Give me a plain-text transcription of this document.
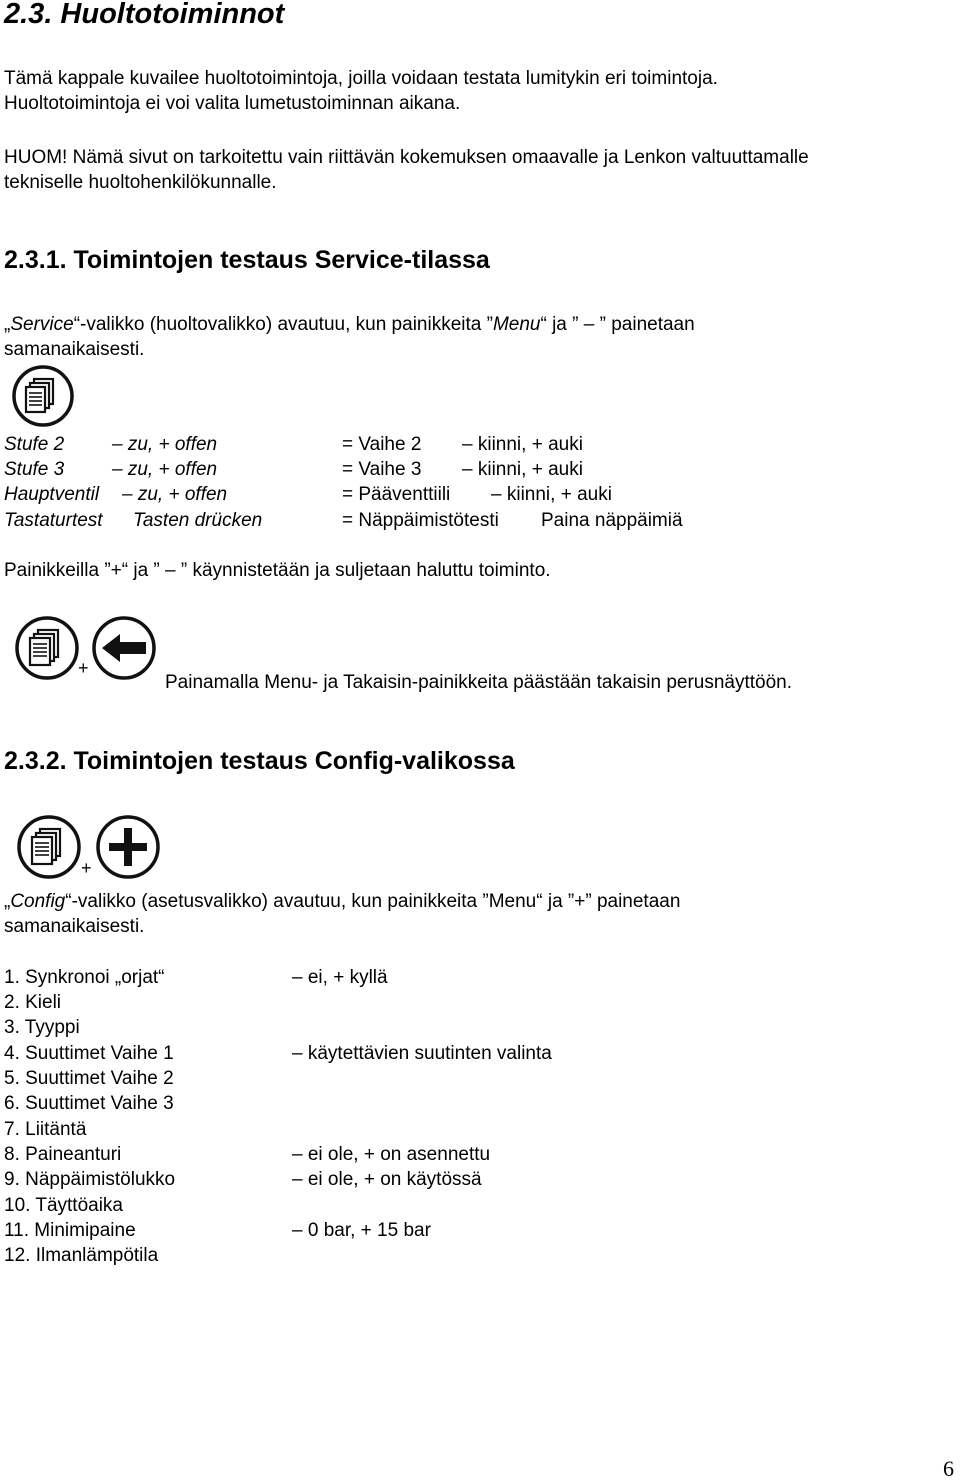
2.3. Huoltotoiminnot
Tämä kappale kuvailee huoltotoimintoja, joilla voidaan testata lumitykin eri toimintoja.
Huoltotoimintoja ei voi valita lumetustoiminnan aikana.
HUOM! Nämä sivut on tarkoitettu vain riittävän kokemuksen omaavalle ja Lenkon valtuuttamalle
tekniselle huoltohenkilökunnalle.
2.3.1. Toimintojen testaus Service-tilassa
„Service“-valikko (huoltovalikko) avautuu, kun painikkeita ”Menu“ ja ” – ” painetaan
samanaikaisesti.
Stufe 2	– zu, + offen	= Vaihe 2 – kiinni, + auki
Stufe 3	– zu, + offen	= Vaihe 3 – kiinni, + auki
Hauptventil – zu, + offen	= Pääventtiili – kiinni, + auki
Tastaturtest Tasten drücken	= Näppäimistötesti Paina näppäimiä
Painikkeilla ”+“ ja ” – ” käynnistetään ja suljetaan haluttu toiminto.
+
Painamalla Menu- ja Takaisin-painikkeita päästään takaisin perusnäyttöön.
2.3.2. Toimintojen testaus Config-valikossa
+
„Config“-valikko (asetusvalikko) avautuu, kun painikkeita ”Menu“ ja ”+” painetaan
samanaikaisesti.
1. Synkronoi „orjat“	– ei, + kyllä
2. Kieli
3. Tyyppi
4. Suuttimet Vaihe 1	– käytettävien suutinten valinta
5. Suuttimet Vaihe 2
6. Suuttimet Vaihe 3
7. Liitäntä
8. Paineanturi	– ei ole, + on asennettu
9. Näppäimistölukko	– ei ole, + on käytössä
10. Täyttöaika
11. Minimipaine	– 0 bar, + 15 bar
12. Ilmanlämpötila
6
